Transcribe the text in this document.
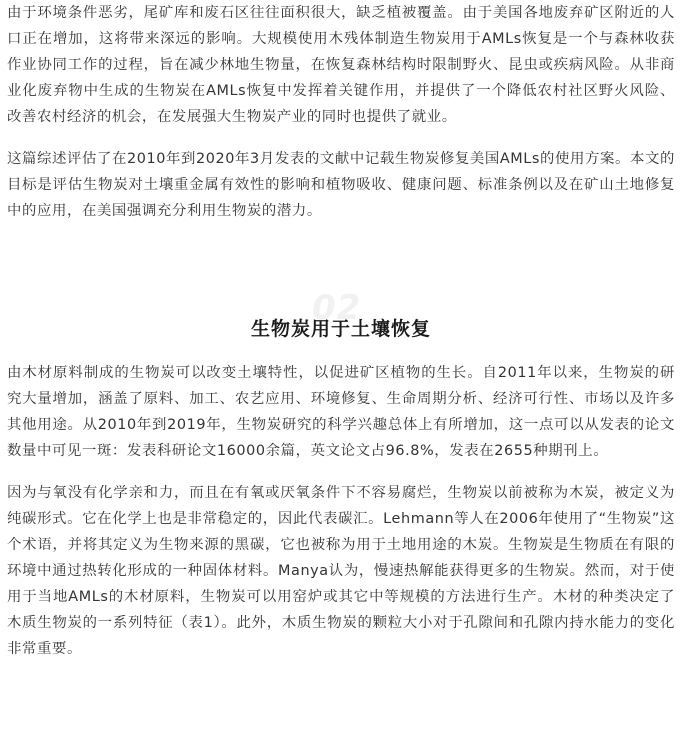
由于环境条件恶劣，尾矿库和废石区往往面积很大，缺乏植被覆盖。由于美国各地废弃矿区附近的人口正在增加，这将带来深远的影响。大规模使用木残体制造生物炭用于AMLs恢复是一个与森林收获作业协同工作的过程，旨在减少林地生物量，在恢复森林结构时限制野火、昆虫或疾病风险。从非商业化废弃物中生成的生物炭在AMLs恢复中发挥着关键作用，并提供了一个降低农村社区野火风险、改善农村经济的机会，在发展强大生物炭产业的同时也提供了就业。

这篇综述评估了在2010年到2020年3月发表的文献中记载生物炭修复美国AMLs的使用方案。本文的目标是评估生物炭对土壤重金属有效性的影响和植物吸收、健康问题、标准条例以及在矿山土地修复中的应用，在美国强调充分利用生物炭的潜力。

由木材原料制成的生物炭可以改变土壤特性，以促进矿区植物的生长。自2011年以来，生物炭的研究大量增加，涵盖了原料、加工、农艺应用、环境修复、生命周期分析、经济可行性、市场以及许多其他用途。从2010年到2019年，生物炭研究的科学兴趣总体上有所增加，这一点可以从发表的论文数量中可见一斑：发表科研论文16000余篇，英文论文占96.8%，发表在2655种期刊上。

因为与氧没有化学亲和力，而且在有氧或厌氧条件下不容易腐烂，生物炭以前被称为木炭，被定义为纯碳形式。它在化学上也是非常稳定的，因此代表碳汇。Lehmann等人在2006年使用了“生物炭”这个术语，并将其定义为生物来源的黑碳，它也被称为用于土地用途的木炭。生物炭是生物质在有限的环境中通过热转化形成的一种固体材料。Manya认为，慢速热解能获得更多的生物炭。然而，对于使用于当地AMLs的木材原料，生物炭可以用窑炉或其它中等规模的方法进行生产。木材的种类决定了木质生物炭的一系列特征（表1）。此外，木质生物炭的颗粒大小对于孔隙间和孔隙内持水能力的变化非常重要。

02
生物炭用于土壤恢复
